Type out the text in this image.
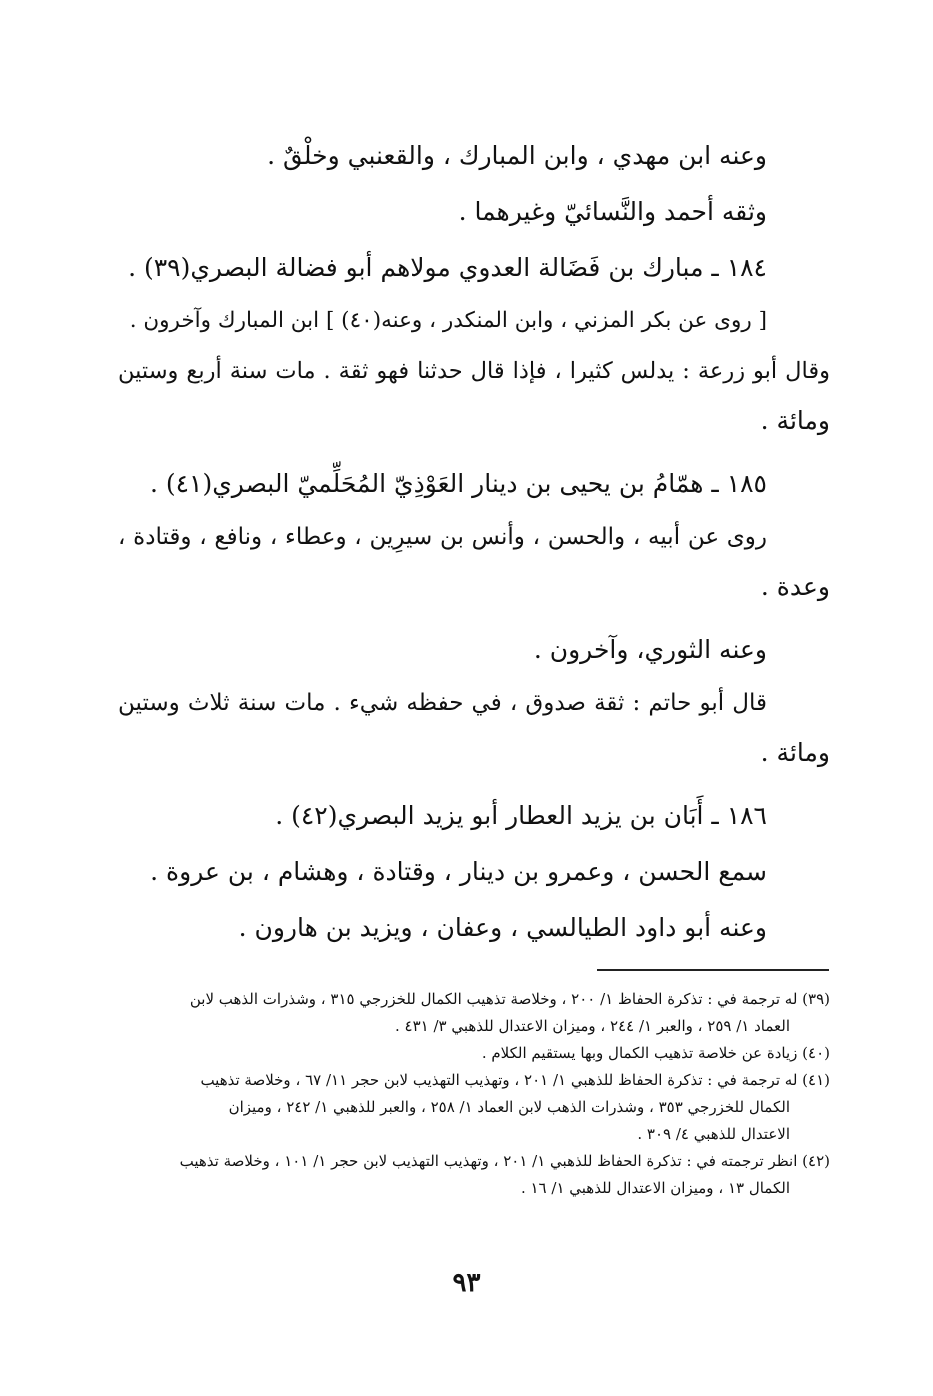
وعنه ابن مهدي ، وابن المبارك ، والقعنبي وخلْقٌ .
وثقه أحمد والنَّسائيّ وغيرهما .
١٨٤ ـ مبارك بن فَضَالة العدوي مولاهم أبو فضالة البصري(٣٩) .
[ روى عن بكر المزني ، وابن المنكدر ، وعنه(٤٠) ] ابن المبارك وآخرون .
وقال أبو زرعة : يدلس كثيرا ، فإذا قال حدثنا فهو ثقة . مات سنة أربع وستين
ومائة .
١٨٥ ـ همّامُ بن يحيى بن دينار العَوْذِيّ المُحَلِّميّ البصري(٤١) .
روى عن أبيه ، والحسن ، وأنس بن سيرِين ، وعطاء ، ونافع ، وقتادة ،
وعدة .
وعنه الثوري، وآخرون .
قال أبو حاتم : ثقة صدوق ، في حفظه شيء . مات سنة ثلاث وستين
ومائة .
١٨٦ ـ أَبَان بن يزيد العطار أبو يزيد البصري(٤٢) .
سمع الحسن ، وعمرو بن دينار ، وقتادة ، وهشام ، بن عروة .
وعنه أبو داود الطيالسي ، وعفان ، ويزيد بن هارون .
(٣٩) له ترجمة في : تذكرة الحفاظ ١/ ٢٠٠ ، وخلاصة تذهيب الكمال للخزرجي ٣١٥ ، وشذرات الذهب لابن
العماد ١/ ٢٥٩ ، والعبر ١/ ٢٤٤ ، وميزان الاعتدال للذهبي ٣/ ٤٣١ .
(٤٠) زيادة عن خلاصة تذهيب الكمال وبها يستقيم الكلام .
(٤١) له ترجمة في : تذكرة الحفاظ للذهبي ١/ ٢٠١ ، وتهذيب التهذيب لابن حجر ١١/ ٦٧ ، وخلاصة تذهيب
الكمال للخزرجي ٣٥٣ ، وشذرات الذهب لابن العماد ١/ ٢٥٨ ، والعبر للذهبي ١/ ٢٤٢ ، وميزان
الاعتدال للذهبي ٤/ ٣٠٩ .
(٤٢) انظر ترجمته في : تذكرة الحفاظ للذهبي ١/ ٢٠١ ، وتهذيب التهذيب لابن حجر ١/ ١٠١ ، وخلاصة تذهيب
الكمال ١٣ ، وميزان الاعتدال للذهبي ١/ ١٦ .
٩٣
